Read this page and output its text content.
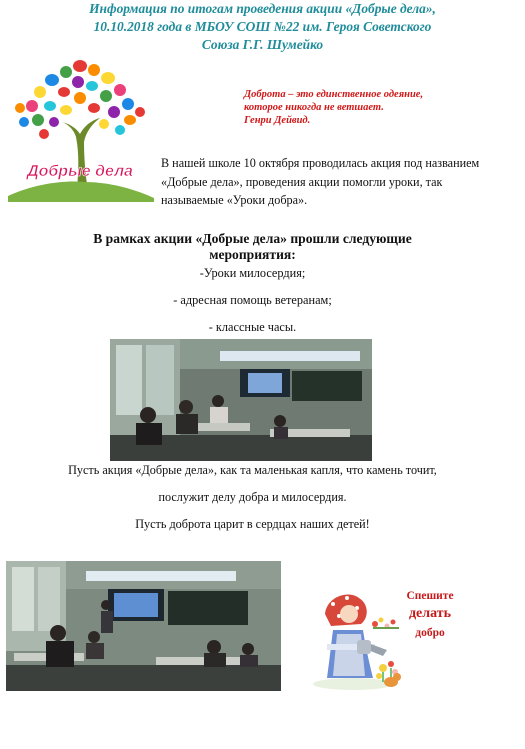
Информация по итогам проведения акции «Добрые дела»,
10.10.2018 года в МБОУ СОШ №22 им. Героя Советского
Союза Г.Г. Шумейко
Добрые дела
Доброта – это единственное одеяние,
которое никогда не ветшает.
Генри Дейвид.
В нашей школе 10 октября проводилась акция под названием «Добрые дела», проведения акции помогли уроки, так называемые «Уроки добра».
В рамках акции «Добрые дела» прошли следующие
мероприятия:
-Уроки милосердия;
- адресная помощь ветеранам;
- классные часы.
Пусть акция «Добрые дела», как та маленькая капля, что камень точит,
послужит делу добра и милосердия.
Пусть доброта царит в сердцах наших детей!
Спешите
делать
добро
